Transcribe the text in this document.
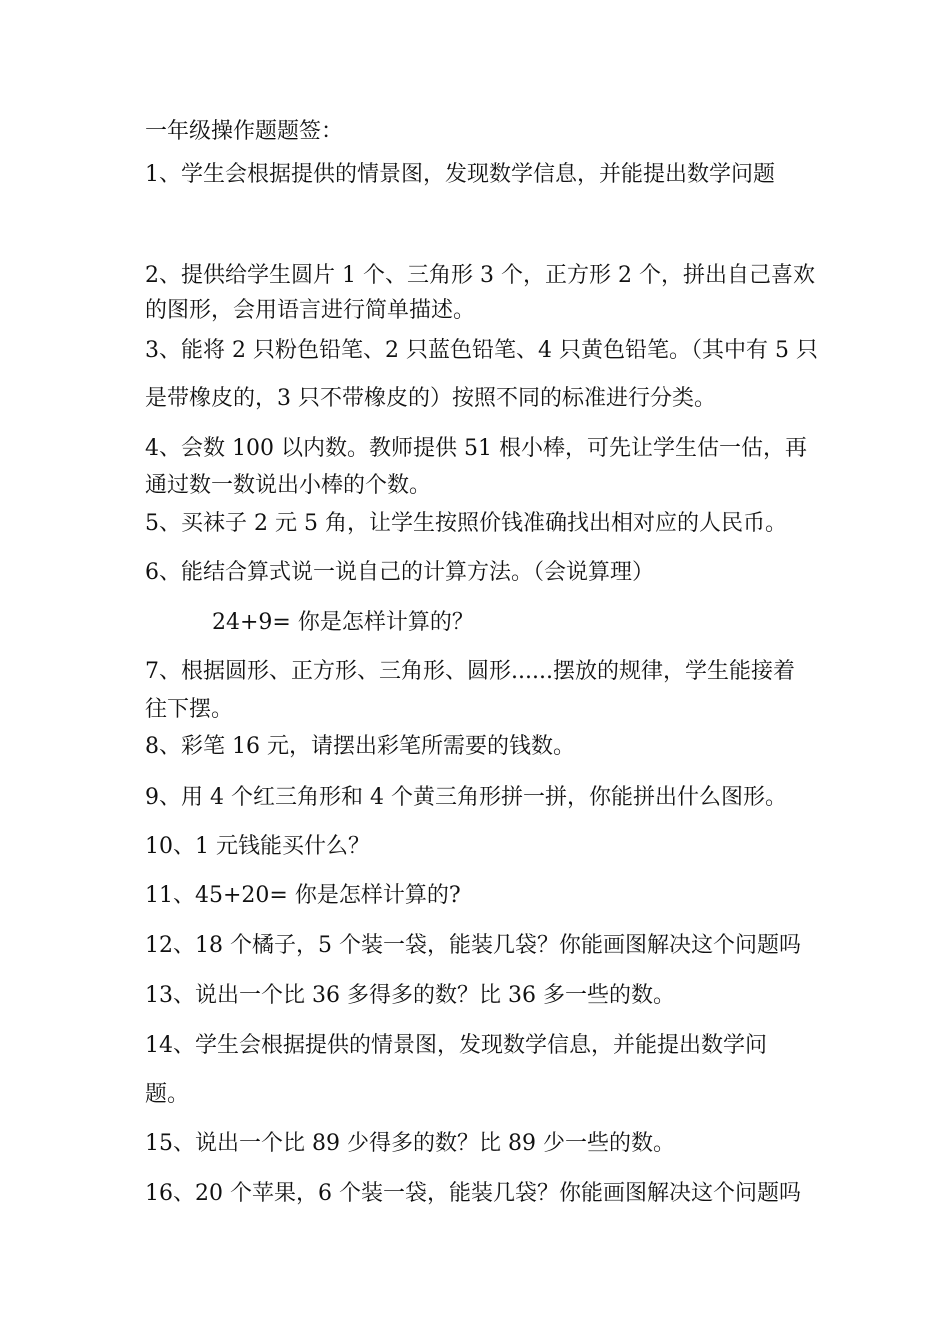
一年级操作题题签：
1、学生会根据提供的情景图，发现数学信息，并能提出数学问题
2、提供给学生圆片 1 个、三角形 3 个，正方形 2 个，拼出自己喜欢
的图形，会用语言进行简单描述。
3、能将 2 只粉色铅笔、2 只蓝色铅笔、4 只黄色铅笔。（其中有 5 只
是带橡皮的，3 只不带橡皮的）按照不同的标准进行分类。
4、会数 100 以内数。教师提供 51 根小棒，可先让学生估一估，再
通过数一数说出小棒的个数。
5、买袜子 2 元 5 角，让学生按照价钱准确找出相对应的人民币。
6、能结合算式说一说自己的计算方法。（会说算理）
24+9= 你是怎样计算的？
7、根据圆形、正方形、三角形、圆形......摆放的规律，学生能接着
往下摆。
8、彩笔 16 元，请摆出彩笔所需要的钱数。
9、用 4 个红三角形和 4 个黄三角形拼一拼，你能拼出什么图形。
10、1 元钱能买什么？
11、45+20= 你是怎样计算的?
12、18 个橘子，5 个装一袋，能装几袋？你能画图解决这个问题吗
13、说出一个比 36 多得多的数？比 36 多一些的数。
14、学生会根据提供的情景图，发现数学信息，并能提出数学问
题。
15、说出一个比 89 少得多的数？比 89 少一些的数。
16、20 个苹果，6 个装一袋，能装几袋？你能画图解决这个问题吗
